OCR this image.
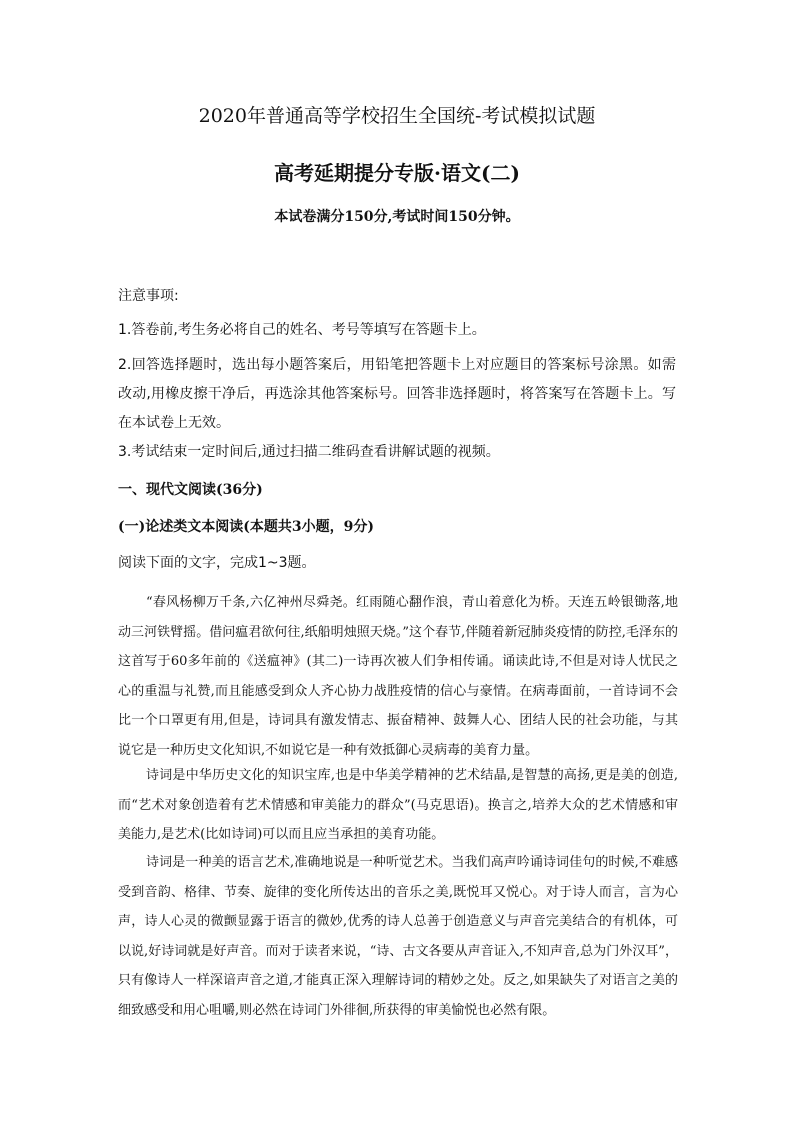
2020年普通高等学校招生全国统-考试模拟试题
高考延期提分专版·语文(二)
本试卷满分150分,考试时间150分钟。
注意事项:
1.答卷前,考生务必将自己的姓名、考号等填写在答题卡上。
2.回答选择题时，选出每小题答案后，用铅笔把答题卡上对应题目的答案标号涂黑。如需改动,用橡皮擦干净后，再选涂其他答案标号。回答非选择题时，将答案写在答题卡上。写在本试卷上无效。
3.考试结束一定时间后,通过扫描二维码查看讲解试题的视频。
一、现代文阅读(36分)
(一)论述类文本阅读(本题共3小题，9分)
阅读下面的文字，完成1~3题。
“春风杨柳万千条,六亿神州尽舜尧。红雨随心翻作浪，青山着意化为桥。天连五岭银锄落,地动三河铁臂摇。借问瘟君欲何往,纸船明烛照天烧。”这个春节,伴随着新冠肺炎疫情的防控,毛泽东的这首写于60多年前的《送瘟神》(其二)一诗再次被人们争相传诵。诵读此诗,不但是对诗人忧民之心的重温与礼赞,而且能感受到众人齐心协力战胜疫情的信心与豪情。在病毒面前，一首诗词不会比一个口罩更有用,但是，诗词具有激发情志、振奋精神、鼓舞人心、团结人民的社会功能，与其说它是一种历史文化知识,不如说它是一种有效抵御心灵病毒的美育力量。
诗词是中华历史文化的知识宝库,也是中华美学精神的艺术结晶,是智慧的高扬,更是美的创造,而“艺术对象创造着有艺术情感和审美能力的群众”(马克思语)。换言之,培养大众的艺术情感和审美能力,是艺术(比如诗词)可以而且应当承担的美育功能。
诗词是一种美的语言艺术,准确地说是一种听觉艺术。当我们高声吟诵诗词佳句的时候,不难感受到音韵、格律、节奏、旋律的变化所传达出的音乐之美,既悦耳又悦心。对于诗人而言，言为心声，诗人心灵的微颤显露于语言的微妙,优秀的诗人总善于创造意义与声音完美结合的有机体，可以说,好诗词就是好声音。而对于读者来说，“诗、古文各要从声音证入,不知声音,总为门外汉耳”，只有像诗人一样深谙声音之道,才能真正深入理解诗词的精妙之处。反之,如果缺失了对语言之美的细致感受和用心咀嚼,则必然在诗词门外徘徊,所获得的审美愉悦也必然有限。
